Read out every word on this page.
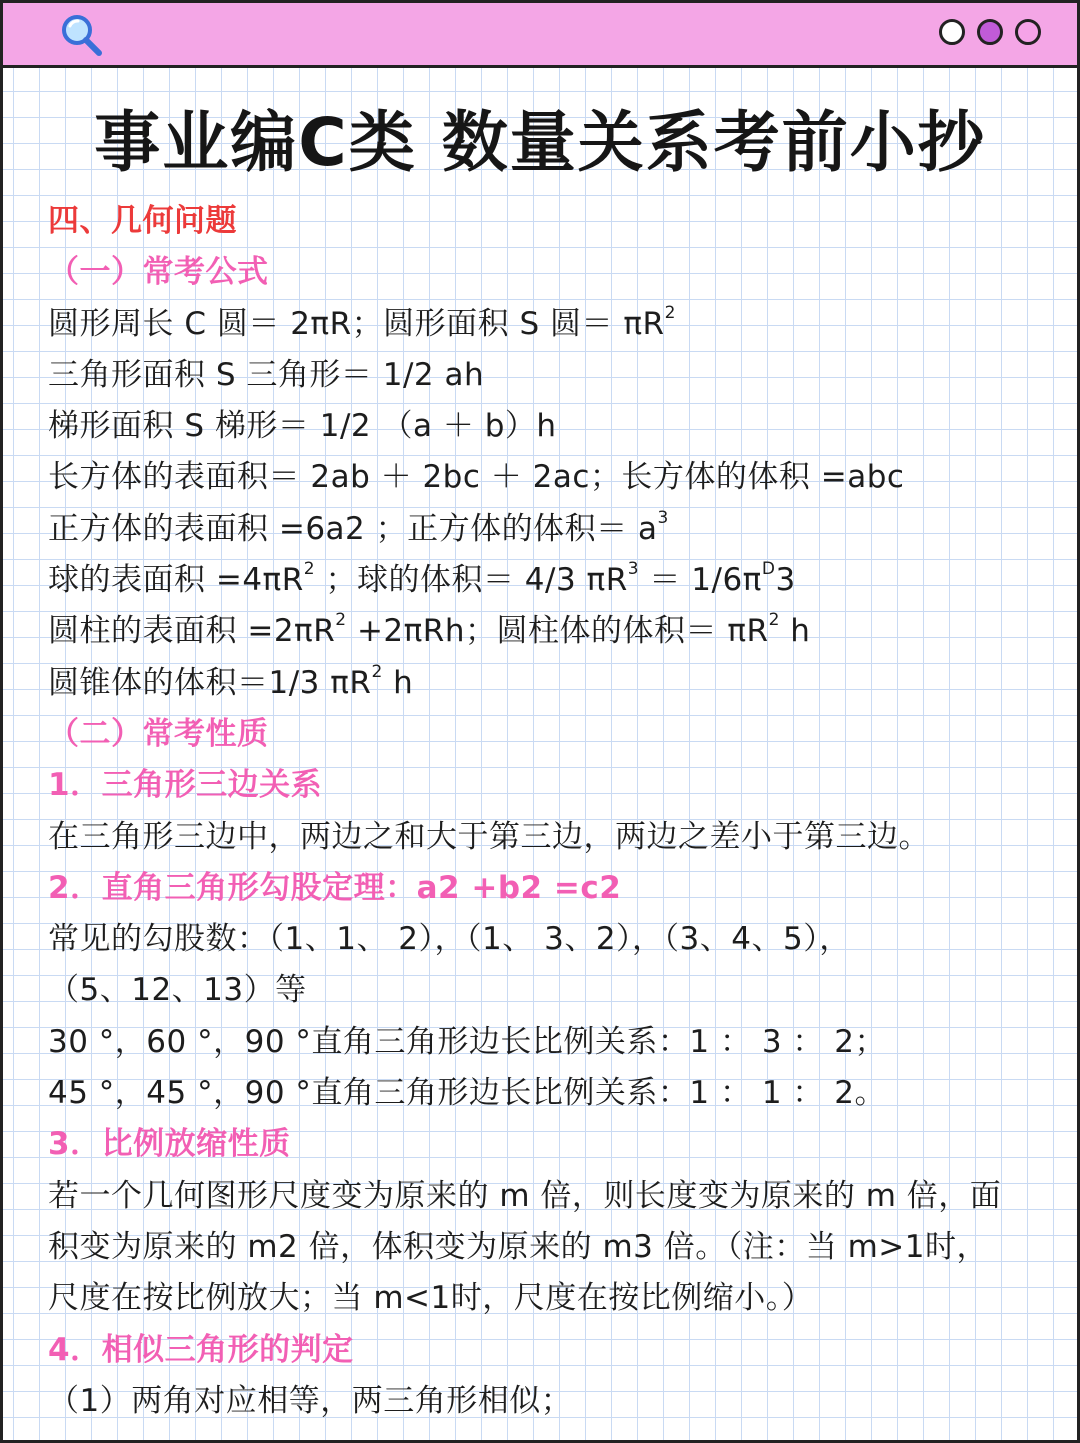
事业编C类 数量关系考前小抄
四、几何问题
（一）常考公式
圆形周长 C 圆＝ 2πR；圆形面积 S 圆＝ $\pi R^2$
三角形面积 S 三角形＝ 1/2 ah
梯形面积 S 梯形＝ 1/2 （a ＋ b）h
长方体的表面积＝ 2ab ＋ 2bc ＋ 2ac；长方体的体积 =abc
正方体的表面积 =6a2 ；正方体的体积＝ $a^3$
球的表面积 $=4\pi R^2$ ；球的体积＝ 4/3 $\pi R^3 = 1/6\pi^D3$
圆柱的表面积 $=2\pi R^2 +2\pi Rh$；圆柱体的体积＝ $\pi R^2$ h
圆锥体的体积＝1/3 $\pi R^2$ h
（二）常考性质
1．三角形三边关系
在三角形三边中，两边之和大于第三边，两边之差小于第三边。
2．直角三角形勾股定理：a2 +b2 =c2
常见的勾股数：（1、1、 2），（1、 3、2），（3、4、5），
（5、12、13）等
30 °，60 °，90 °直角三角形边长比例关系：1 ： 3 ： 2；
45 °，45 °，90 °直角三角形边长比例关系：1 ： 1 ： 2。
3．比例放缩性质
若一个几何图形尺度变为原来的 m 倍，则长度变为原来的 m 倍，面
积变为原来的 m2 倍，体积变为原来的 m3 倍。（注：当 m>1时，
尺度在按比例放大；当 m<1时，尺度在按比例缩小。）
4．相似三角形的判定
（1）两角对应相等，两三角形相似；
